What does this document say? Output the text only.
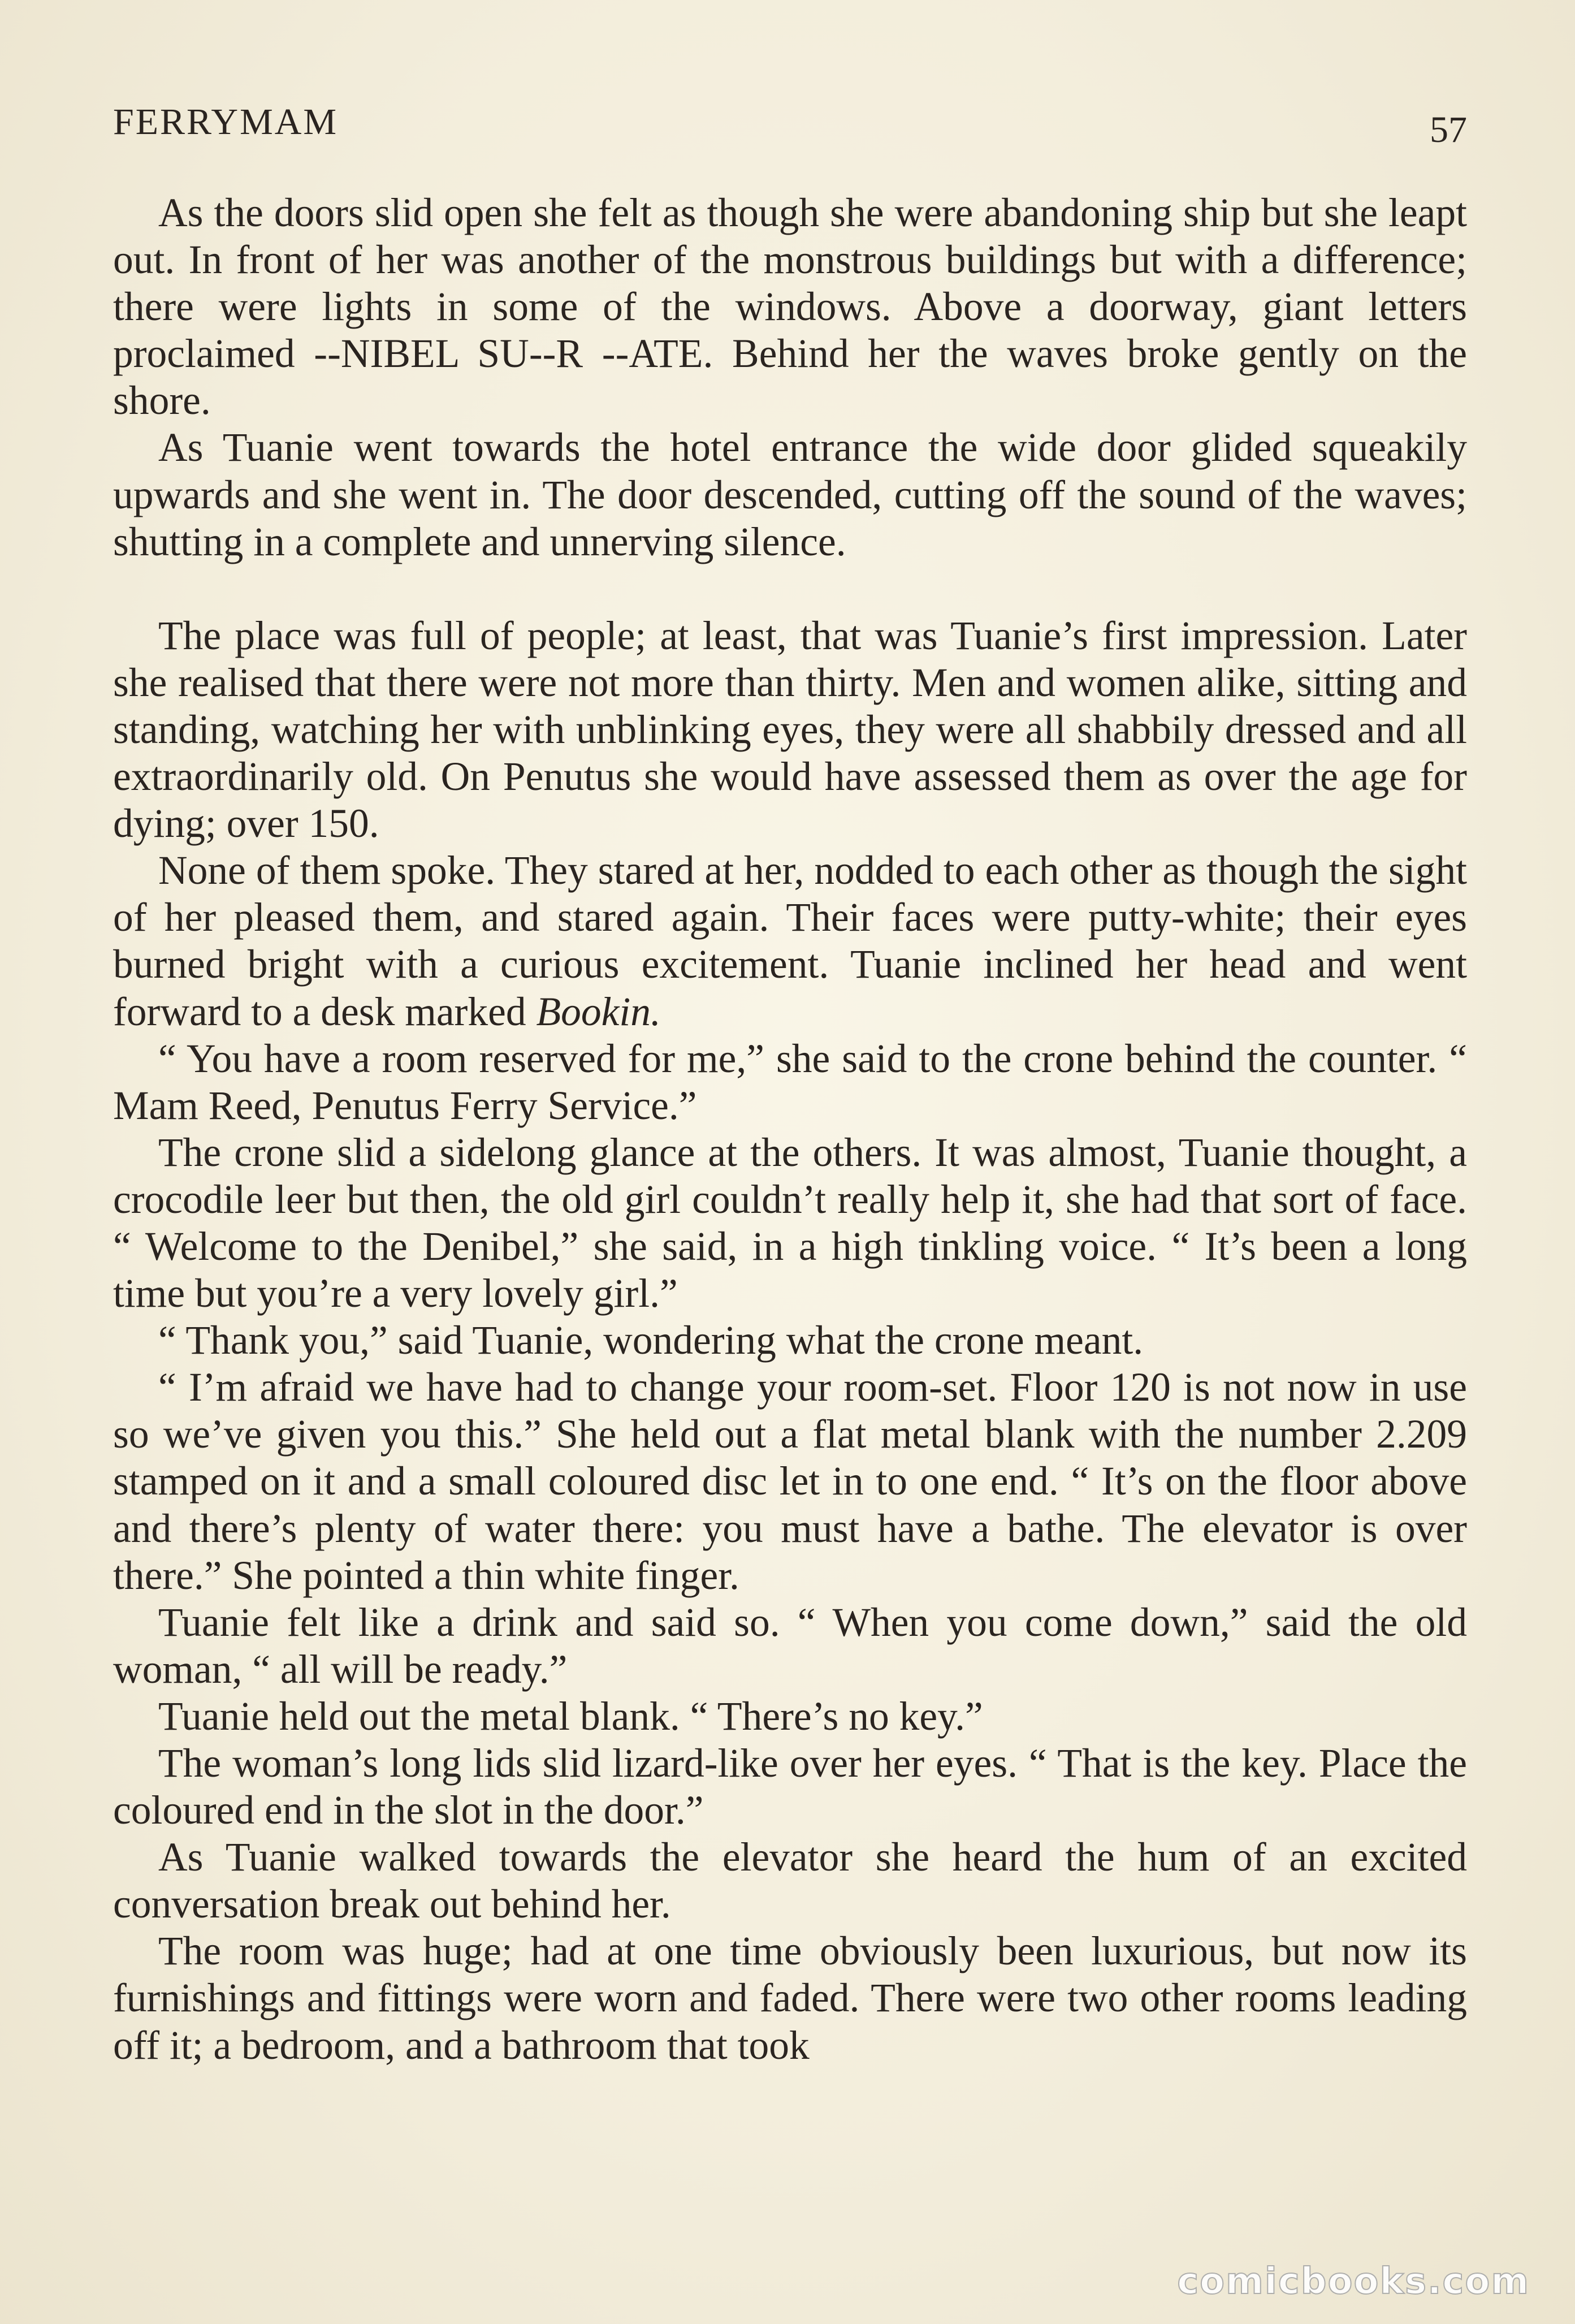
FERRYMAM	57

As the doors slid open she felt as though she were abandoning ship but she leapt out. In front of her was another of the monstrous buildings but with a difference; there were lights in some of the windows. Above a doorway, giant letters proclaimed --NIBEL SU--R --ATE. Behind her the waves broke gently on the shore.

As Tuanie went towards the hotel entrance the wide door glided squeakily upwards and she went in. The door descended, cutting off the sound of the waves; shutting in a complete and unnerving silence.

The place was full of people; at least, that was Tuanie’s first impression. Later she realised that there were not more than thirty. Men and women alike, sitting and standing, watching her with unblinking eyes, they were all shabbily dressed and all extraordinarily old. On Penutus she would have assessed them as over the age for dying; over 150.

None of them spoke. They stared at her, nodded to each other as though the sight of her pleased them, and stared again. Their faces were putty-white; their eyes burned bright with a curious excitement. Tuanie inclined her head and went forward to a desk marked Bookin.

“ You have a room reserved for me,” she said to the crone behind the counter. “ Mam Reed, Penutus Ferry Service.”

The crone slid a sidelong glance at the others. It was almost, Tuanie thought, a crocodile leer but then, the old girl couldn’t really help it, she had that sort of face. “ Welcome to the Denibel,” she said, in a high tinkling voice. “ It’s been a long time but you’re a very lovely girl.”

“ Thank you,” said Tuanie, wondering what the crone meant.

“ I’m afraid we have had to change your room-set. Floor 120 is not now in use so we’ve given you this.” She held out a flat metal blank with the number 2.209 stamped on it and a small coloured disc let in to one end. “ It’s on the floor above and there’s plenty of water there: you must have a bathe. The elevator is over there.” She pointed a thin white finger.

Tuanie felt like a drink and said so. “ When you come down,” said the old woman, “ all will be ready.”

Tuanie held out the metal blank. “ There’s no key.”

The woman’s long lids slid lizard-like over her eyes. “ That is the key. Place the coloured end in the slot in the door.”

As Tuanie walked towards the elevator she heard the hum of an excited conversation break out behind her.

The room was huge; had at one time obviously been luxurious, but now its furnishings and fittings were worn and faded. There were two other rooms leading off it; a bedroom, and a bathroom that took

comicbooks.com
